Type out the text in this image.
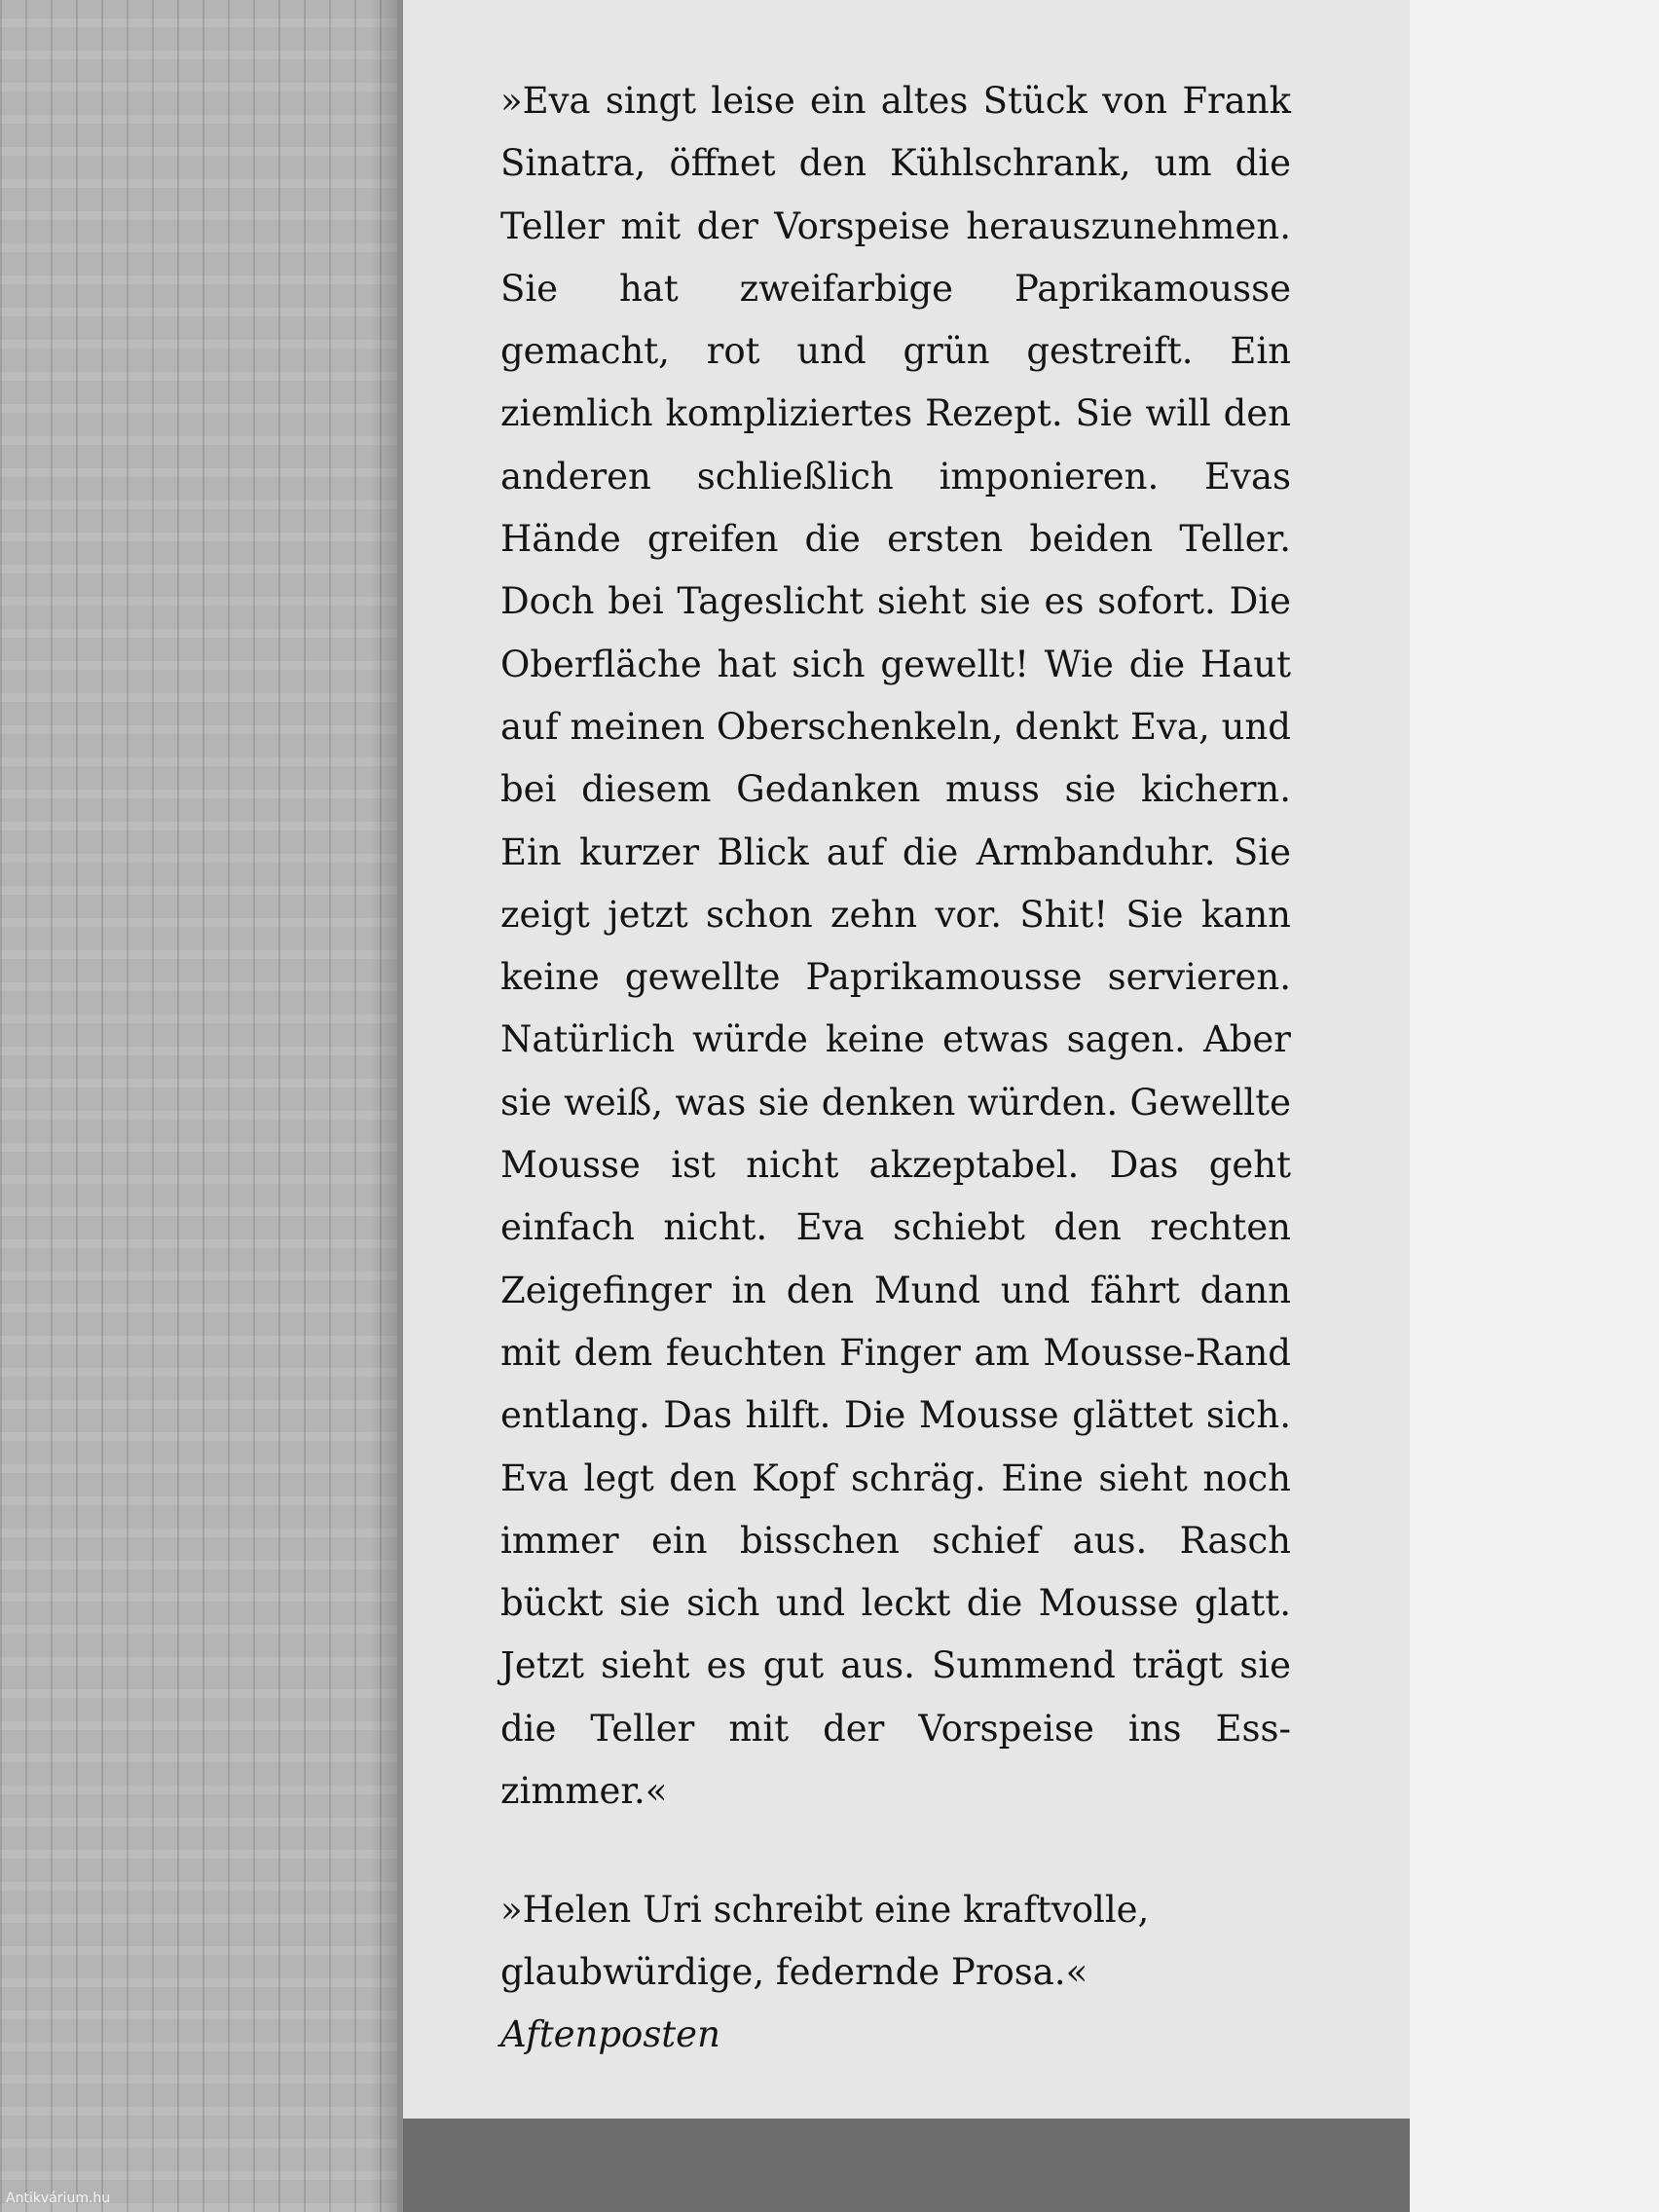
»Eva singt leise ein altes Stück von Frank Sinatra, öffnet den Kühlschrank, um die Teller mit der Vorspeise herauszunehmen. Sie hat zweifarbige Paprikamousse gemacht, rot und grün gestreift. Ein ziemlich kompliziertes Rezept. Sie will den anderen schließlich imponieren. Evas Hände greifen die ersten beiden Teller. Doch bei Tageslicht sieht sie es sofort. Die Oberfläche hat sich gewellt! Wie die Haut auf meinen Oberschenkeln, denkt Eva, und bei diesem Gedanken muss sie kichern. Ein kurzer Blick auf die Armbanduhr. Sie zeigt jetzt schon zehn vor. Shit! Sie kann keine gewellte Paprikamousse servieren. Natürlich würde keine etwas sagen. Aber sie weiß, was sie denken würden. Gewellte Mousse ist nicht akzeptabel. Das geht einfach nicht. Eva schiebt den rechten Zeigefinger in den Mund und fährt dann mit dem feuchten Finger am Mousse-Rand entlang. Das hilft. Die Mousse glättet sich. Eva legt den Kopf schräg. Eine sieht noch immer ein bisschen schief aus. Rasch bückt sie sich und leckt die Mousse glatt. Jetzt sieht es gut aus. Summend trägt sie die Teller mit der Vorspeise ins Esszimmer.«

»Helen Uri schreibt eine kraftvolle, glaubwürdige, federnde Prosa.«
Aftenposten

Antikvárium.hu
